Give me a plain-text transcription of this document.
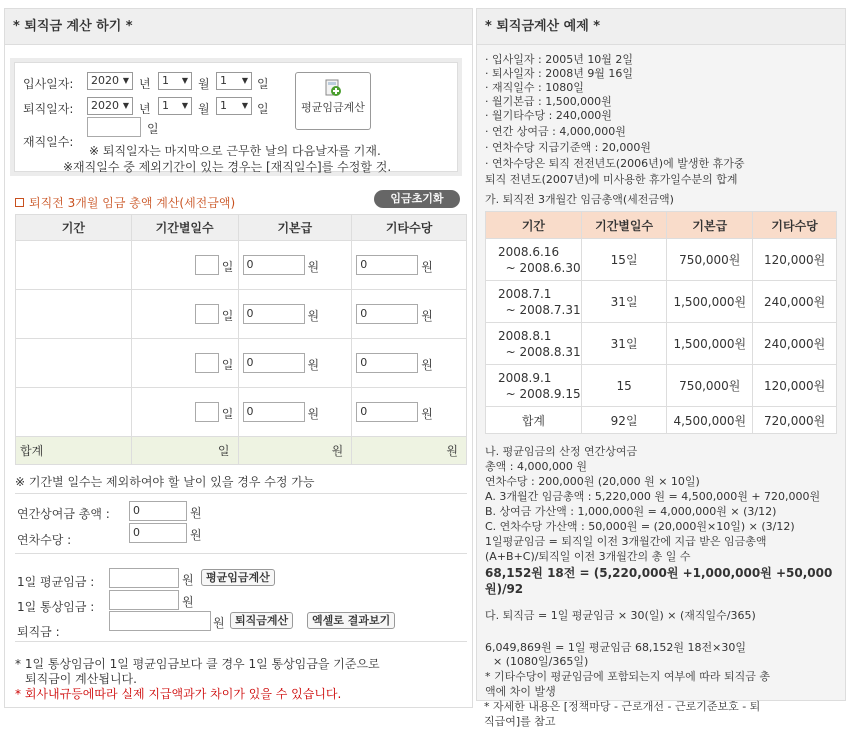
* 퇴직금 계산 하기 *
입사일자:	2020 ▼ 년	1 ▼ 월 1 ▼ 일
퇴직일자:	2020 ▼ 년	1 ▼ 월 1 ▼ 일
일
재직일수:
※ 퇴직일자는 마지막으로 근무한 날의 다음날자를 기재.
※재직일수 중 제외기간이 있는 경우는 [재직일수]를 수정할 것.
평균임금계산
퇴직전 3개월 임금 총액 계산(세전금액)	임금초기화
기간	기간별일수	기본급	기타수당

	일	0 원	0 원

	일	0 원	0 원

	일	0 원	0 원

	일	0 원	0 원

합계	일	원	원
※ 기간별 일수는 제외하여야 할 날이 있을 경우 수정 가능
연간상여금 총액 :	0	원
연차수당 :
0	원
1일 평균임금 :	원	평균임금계산
1일 통상임금 :	원
퇴직금 :
원 퇴직금계산	엑셀로 결과보기
* 1일 통상임금이 1일 평균임금보다 클 경우 1일 통상임금을 기준으로
퇴직금이 계산됩니다.
* 회사내규등에따라 실제 지급액과가 차이가 있을 수 있습니다.
* 퇴직금계산 예제 *
· 입사일자 : 2005년 10월 2일
· 퇴사일자 : 2008년 9월 16일
· 재직일수 : 1080일
· 월기본급 : 1,500,000원
· 월기타수당 : 240,000원
· 연간 상여금 : 4,000,000원
· 연차수당 지급기준액 : 20,000원
· 연차수당은 퇴직 전전년도(2006년)에 발생한 휴가중
퇴직 전년도(2007년)에 미사용한 휴가일수분의 합계
가. 퇴직전 3개월간 임금총액(세전금액)
기간	기간별일수	기본급	기타수당
2008.6.16
~ 2008.6.30	15일	750,000원	120,000원
2008.7.1
~ 2008.7.31	31일	1,500,000원	240,000원
2008.8.1
~ 2008.8.31	31일	1,500,000원	240,000원
2008.9.1
~ 2008.9.15	15	750,000원	120,000원
합계	92일	4,500,000원	720,000원
나. 평균임금의 산정 연간상여금
총액 : 4,000,000 원
연차수당 : 200,000원 (20,000 원 × 10일)
A. 3개월간 임금총액 : 5,220,000 원 = 4,500,000원 + 720,000원
B. 상여금 가산액 : 1,000,000원 = 4,000,000원 × (3/12)
C. 연차수당 가산액 : 50,000원 = (20,000원×10일) × (3/12)
1일평균임금 = 퇴직일 이전 3개월간에 지급 받은 임금총액
(A+B+C)/퇴직일 이전 3개월간의 총 일 수
68,152원 18전 = (5,220,000원 +1,000,000원 +50,000
원)/92
다. 퇴직금 = 1일 평균임금 × 30(일) × (재직일수/365)
6,049,869원 = 1일 평균임금 68,152원 18전×30일
× (1080일/365일)
* 기타수당이 평균임금에 포함되는지 여부에 따라 퇴직금 총
액에 차이 발생
* 자세한 내용은 [정책마당 - 근로개선 - 근로기준보호 - 퇴
직급여]를 참고
